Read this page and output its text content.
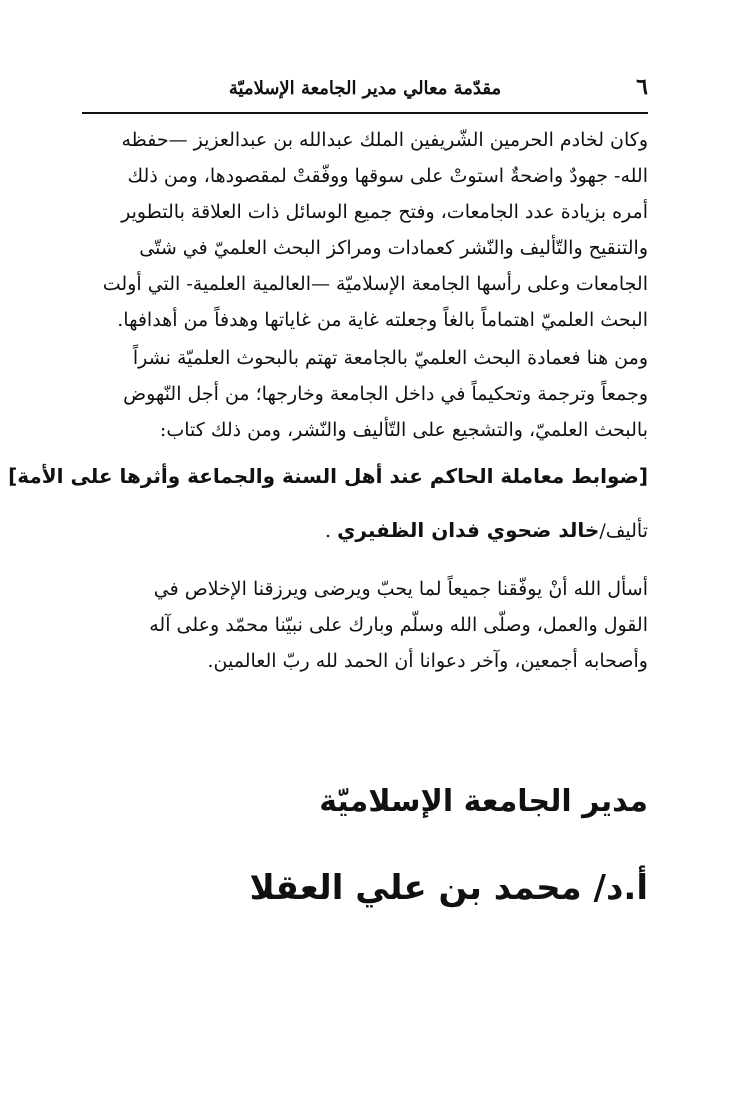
٦
مقدّمة معالي مدير الجامعة الإسلاميّة
وكان لخادم الحرمين الشّريفين الملك عبدالله بن عبدالعزيز —حفظه
الله- جهودٌ واضحةٌ استوتْ على سوقها ووفّقتْ لمقصودها، ومن ذلك
أمره بزيادة عدد الجامعات، وفتح جميع الوسائل ذات العلاقة بالتطوير
والتنقيح والتّأليف والنّشر كعمادات ومراكز البحث العلميّ في شتّى
الجامعات وعلى رأسها الجامعة الإسلاميّة —العالمية العلمية- التي أولت
البحث العلميّ اهتماماً بالغاً وجعلته غاية من غاياتها وهدفاً من أهدافها.
ومن هنا فعمادة البحث العلميّ بالجامعة تهتم بالبحوث العلميّة نشراً
وجمعاً وترجمة وتحكيماً في داخل الجامعة وخارجها؛ من أجل النّهوض
بالبحث العلميّ، والتشجيع على التّأليف والنّشر، ومن ذلك كتاب:
[ضوابط معاملة الحاكم عند أهل السنة والجماعة وأثرها على الأمة]
تأليف/خالد ضحوي فدان الظفيري .
أسأل الله أنْ يوفّقنا جميعاً لما يحبّ ويرضى ويرزقنا الإخلاص في
القول والعمل، وصلّى الله وسلّم وبارك على نبيّنا محمّد وعلى آله
وأصحابه أجمعين، وآخر دعوانا أن الحمد لله ربّ العالمين.
مدير الجامعة الإسلاميّة
أ.د/ محمد بن علي العقلا
